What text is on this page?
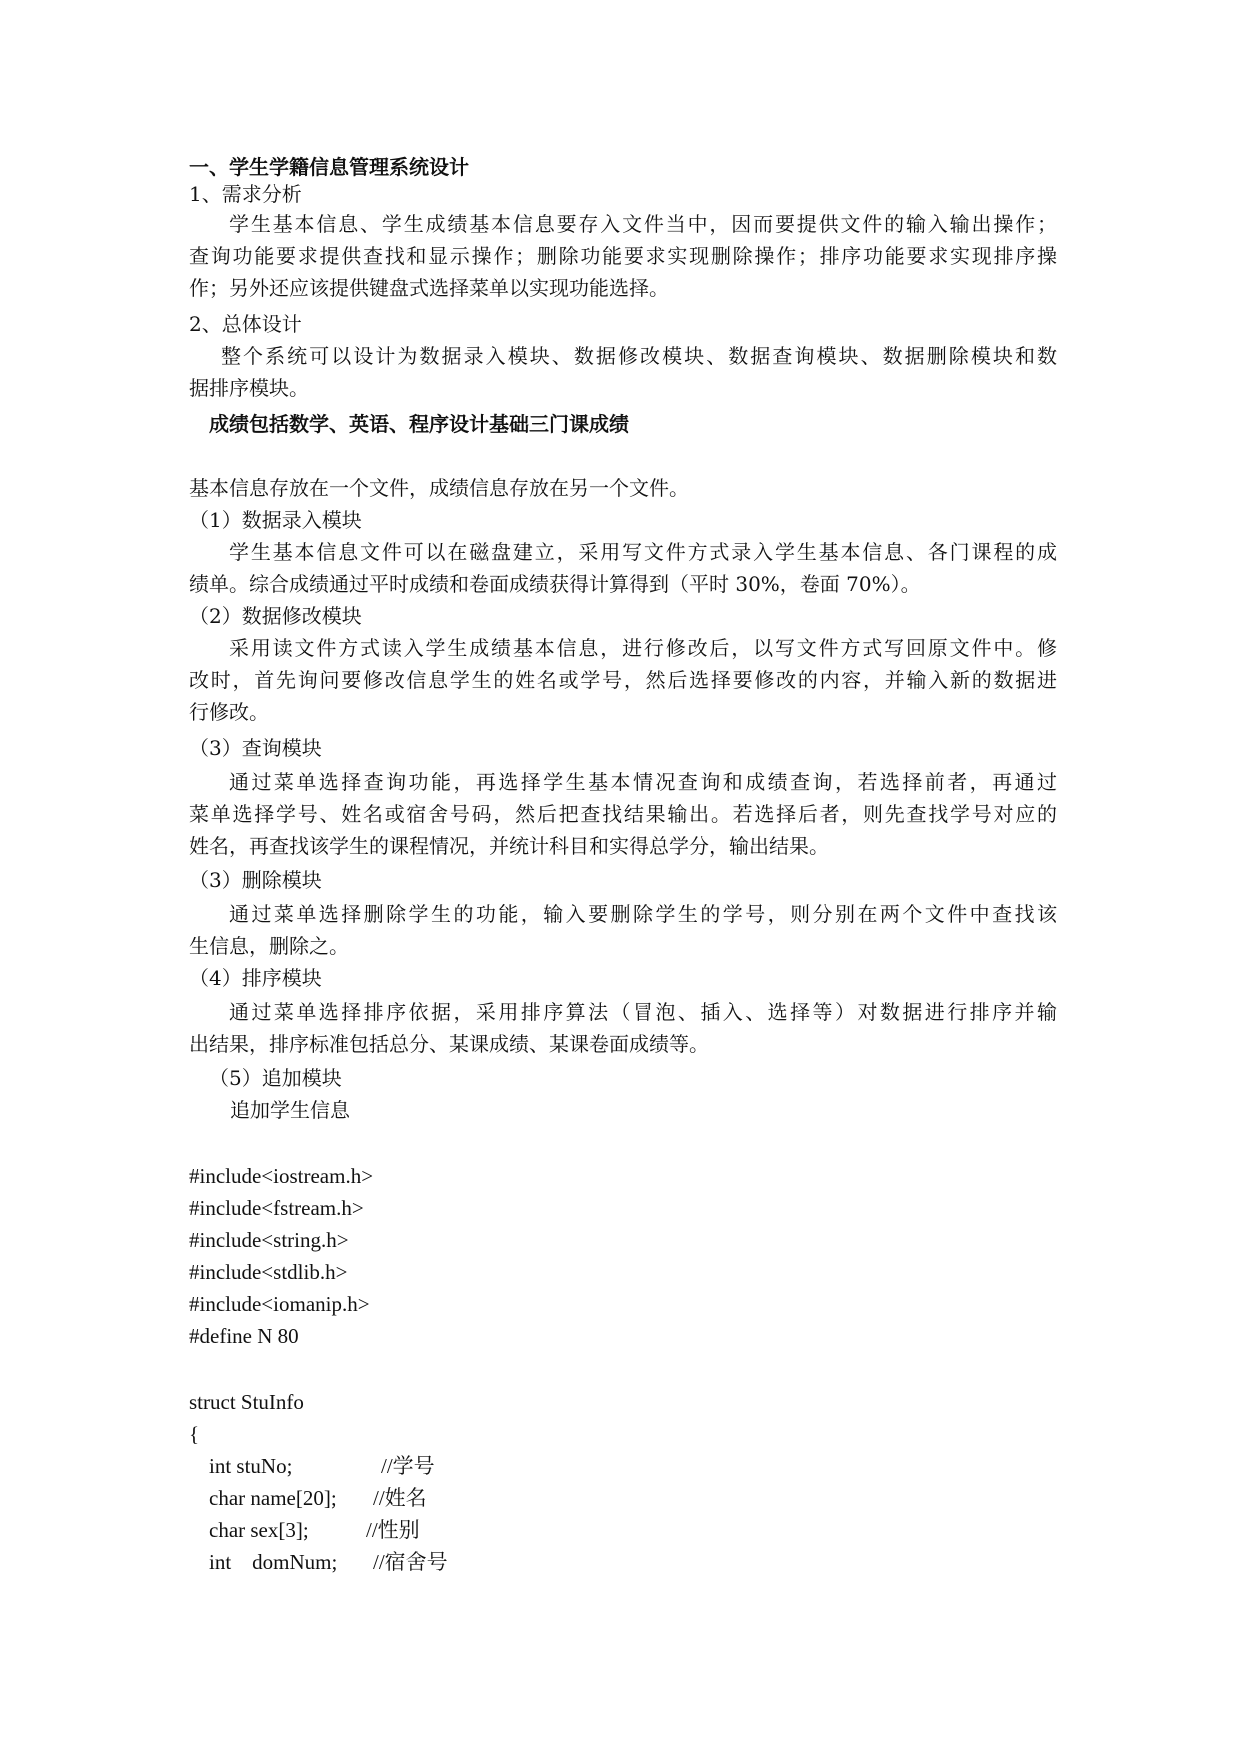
一、学生学籍信息管理系统设计
1、需求分析
学生基本信息、学生成绩基本信息要存入文件当中，因而要提供文件的输入输出操作；
查询功能要求提供查找和显示操作；删除功能要求实现删除操作；排序功能要求实现排序操
作；另外还应该提供键盘式选择菜单以实现功能选择。
2、总体设计
整个系统可以设计为数据录入模块、数据修改模块、数据查询模块、数据删除模块和数
据排序模块。
成绩包括数学、英语、程序设计基础三门课成绩
基本信息存放在一个文件，成绩信息存放在另一个文件。
（1）数据录入模块
学生基本信息文件可以在磁盘建立，采用写文件方式录入学生基本信息、各门课程的成
绩单。综合成绩通过平时成绩和卷面成绩获得计算得到（平时 30%，卷面 70%）。
（2）数据修改模块
采用读文件方式读入学生成绩基本信息，进行修改后，以写文件方式写回原文件中。修
改时，首先询问要修改信息学生的姓名或学号，然后选择要修改的内容，并输入新的数据进
行修改。
（3）查询模块
通过菜单选择查询功能，再选择学生基本情况查询和成绩查询，若选择前者，再通过
菜单选择学号、姓名或宿舍号码，然后把查找结果输出。若选择后者，则先查找学号对应的
姓名，再查找该学生的课程情况，并统计科目和实得总学分，输出结果。
（3）删除模块
通过菜单选择删除学生的功能，输入要删除学生的学号，则分别在两个文件中查找该
生信息，删除之。
（4）排序模块
通过菜单选择排序依据，采用排序算法（冒泡、插入、选择等）对数据进行排序并输
出结果，排序标准包括总分、某课成绩、某课卷面成绩等。
（5）追加模块
追加学生信息
#include<iostream.h>
#include<fstream.h>
#include<string.h>
#include<stdlib.h>
#include<iomanip.h>
#define N 80
struct StuInfo
{
int stuNo;	//学号
char name[20]; //姓名
char sex[3];	//性别
int    domNum; //宿舍号
